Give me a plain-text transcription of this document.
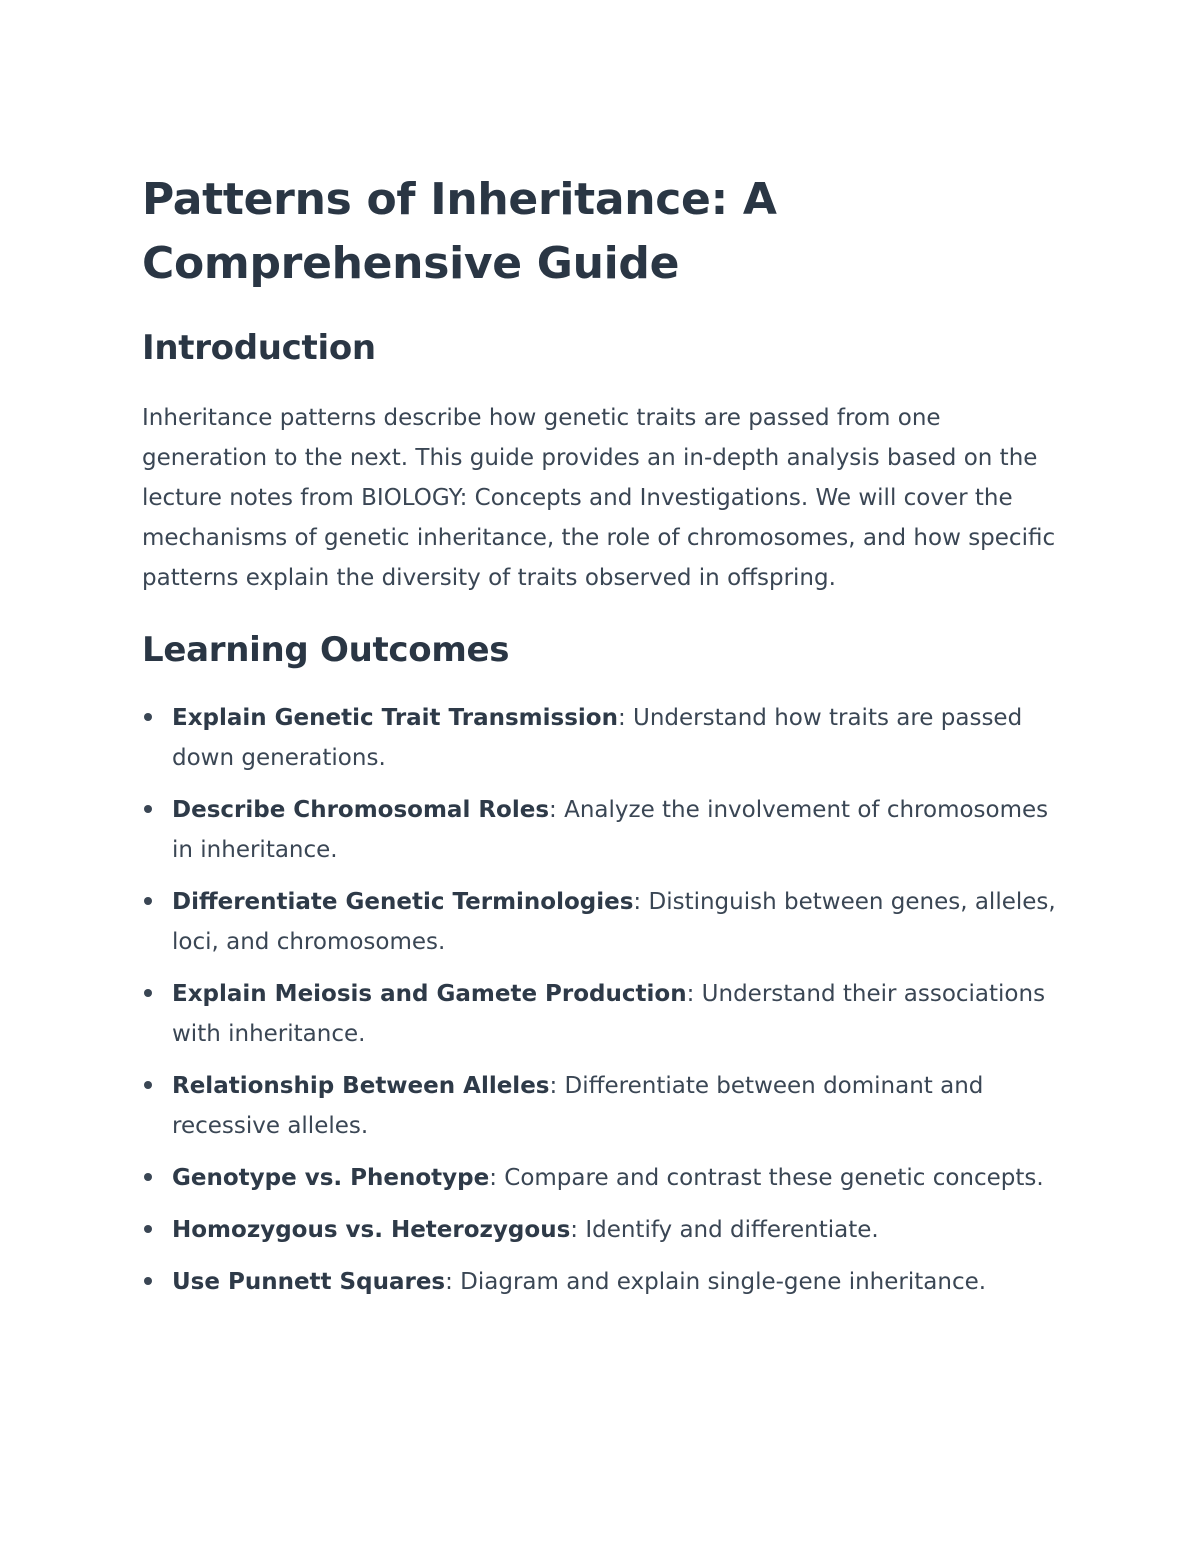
Patterns of Inheritance: A Comprehensive Guide
Introduction

Inheritance patterns describe how genetic traits are passed from one generation to the next. This guide provides an in-depth analysis based on the lecture notes from BIOLOGY: Concepts and Investigations. We will cover the mechanisms of genetic inheritance, the role of chromosomes, and how specific patterns explain the diversity of traits observed in offspring.

Learning Outcomes
Explain Genetic Trait Transmission: Understand how traits are passed down generations.
Describe Chromosomal Roles: Analyze the involvement of chromosomes in inheritance.
Differentiate Genetic Terminologies: Distinguish between genes, alleles, loci, and chromosomes.
Explain Meiosis and Gamete Production: Understand their associations with inheritance.
Relationship Between Alleles: Differentiate between dominant and recessive alleles.
Genotype vs. Phenotype: Compare and contrast these genetic concepts.
Homozygous vs. Heterozygous: Identify and differentiate.
Use Punnett Squares: Diagram and explain single-gene inheritance.
